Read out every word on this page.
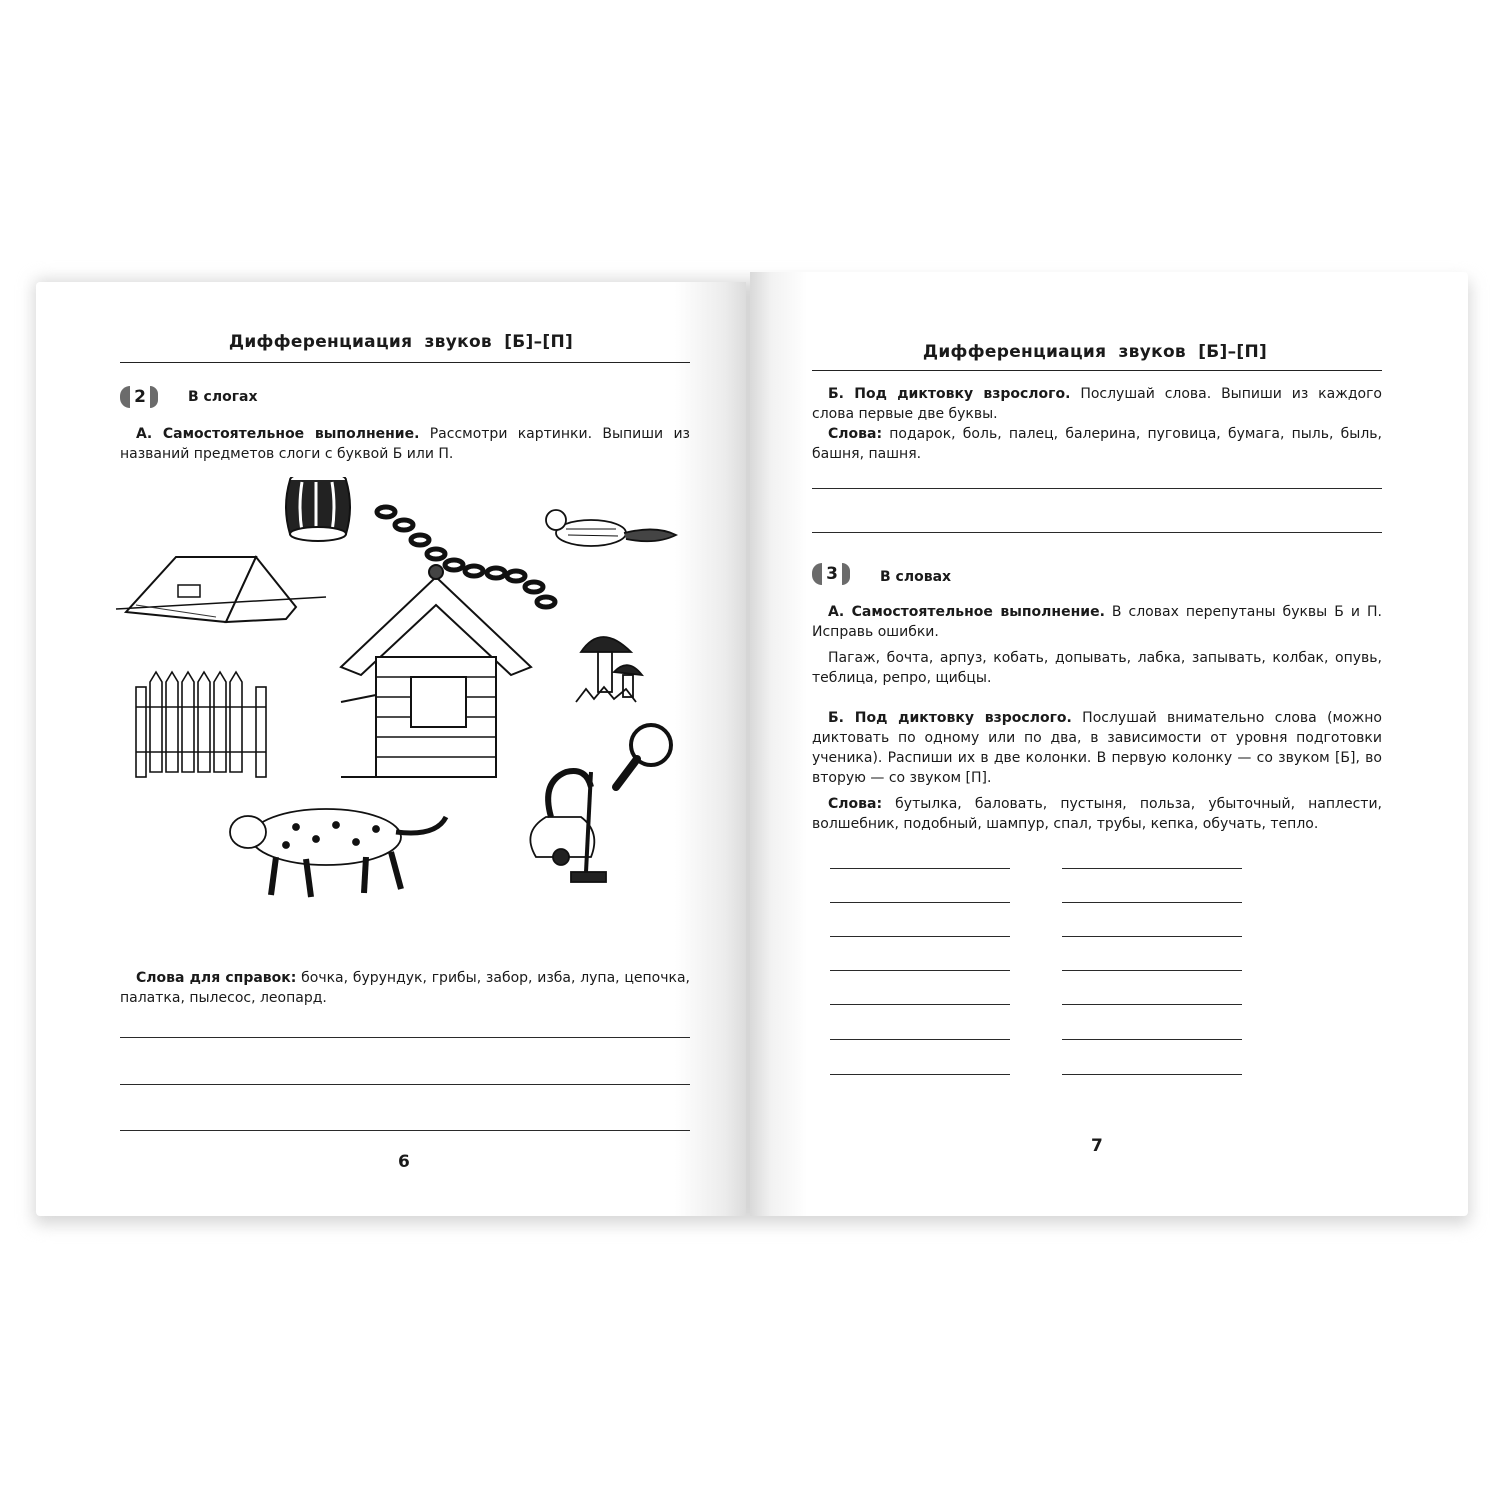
Дифференциация звуков [Б]–[П]
2	В слогах
А. Самостоятельное выполнение. Рассмотри картинки. Выпиши из названий предметов слоги с буквой Б или П.
Слова для справок: бочка, бурундук, грибы, забор, изба, лупа, цепочка, палатка, пылесос, леопард.
6
Дифференциация звуков [Б]–[П]
Б. Под диктовку взрослого. Послушай слова. Выпиши из каждого слова первые две буквы.
Слова: подарок, боль, палец, балерина, пуговица, бумага, пыль, быль, башня, пашня.
3	В словах
А. Самостоятельное выполнение. В словах перепутаны буквы Б и П. Исправь ошибки.
Пагаж, бочта, арпуз, кобать, допывать, лабка, запывать, колбак, опувь, теблица, репро, щибцы.
Б. Под диктовку взрослого. Послушай внимательно слова (можно диктовать по одному или по два, в зависимости от уровня подготовки ученика). Распиши их в две колонки. В первую колонку — со звуком [Б], во вторую — со звуком [П].
Слова: бутылка, баловать, пустыня, польза, убыточный, наплести, волшебник, подобный, шампур, спал, трубы, кепка, обучать, тепло.
7
